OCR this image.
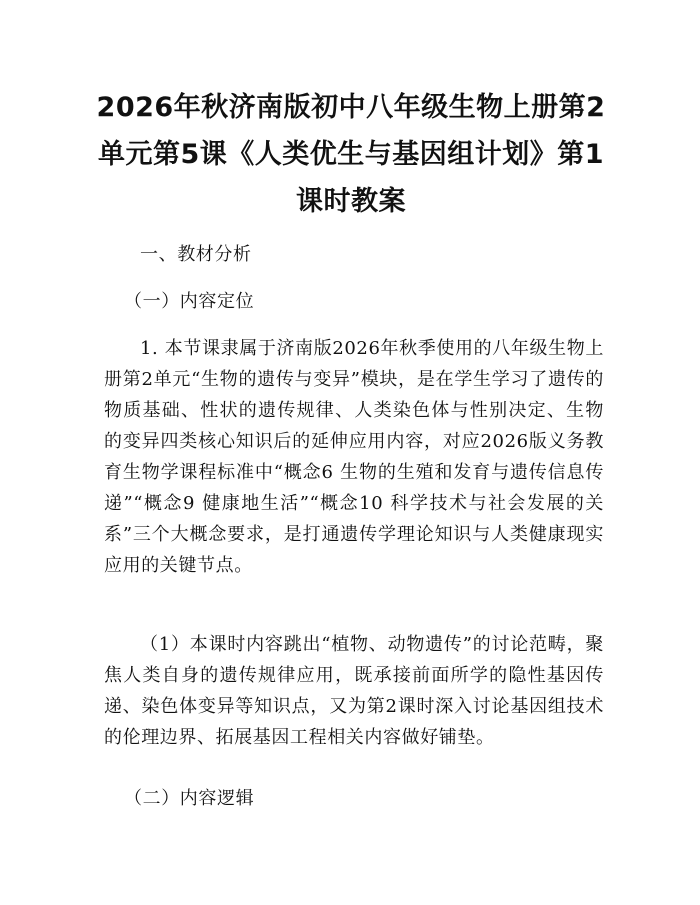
2026年秋济南版初中八年级生物上册第2单元第5课《人类优生与基因组计划》第1课时教案

一、教材分析

（一）内容定位

1. 本节课隶属于济南版2026年秋季使用的八年级生物上册第2单元“生物的遗传与变异”模块，是在学生学习了遗传的物质基础、性状的遗传规律、人类染色体与性别决定、生物的变异四类核心知识后的延伸应用内容，对应2026版义务教育生物学课程标准中“概念6 生物的生殖和发育与遗传信息传递”“概念9 健康地生活”“概念10 科学技术与社会发展的关系”三个大概念要求，是打通遗传学理论知识与人类健康现实应用的关键节点。

（1）本课时内容跳出“植物、动物遗传”的讨论范畴，聚焦人类自身的遗传规律应用，既承接前面所学的隐性基因传递、染色体变异等知识点，又为第2课时深入讨论基因组技术的伦理边界、拓展基因工程相关内容做好铺垫。

（二）内容逻辑
